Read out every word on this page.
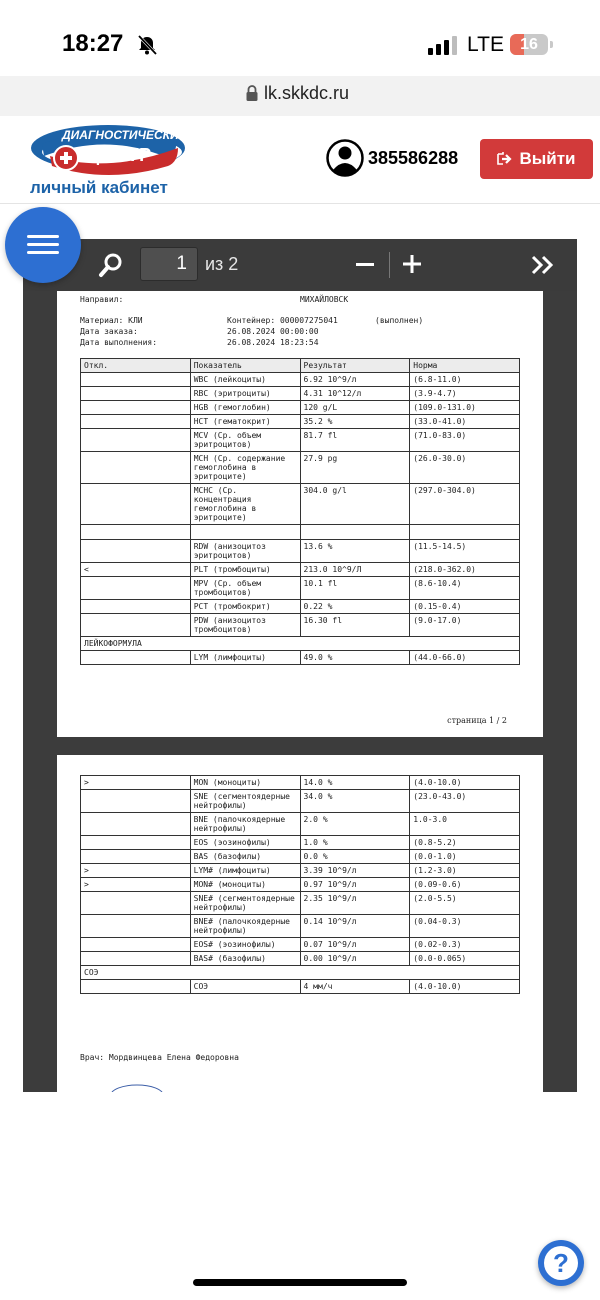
18:27	LTE	16
lk.skkdc.ru
ДИАГНОСТИЧЕСКИЙ
ЦЕНТР
личный кабинет
385586288	Выйти
1	из 2
Направил:	МИХАЙЛОВСК
Материал: КЛИ	Контейнер: 000007275041	(выполнен)
Дата заказа:	26.08.2024 00:00:00
Дата выполнения:	26.08.2024 18:23:54
Откл.	Показатель	Результат	Норма
	WBC (лейкоциты)	6.92 10^9/л	(6.8-11.0)
	RBC (эритроциты)	4.31 10^12/л	(3.9-4.7)
	HGB (гемоглобин)	120 g/L	(109.0-131.0)
	HCT (гематокрит)	35.2 %	(33.0-41.0)
	MCV (Ср. объем эритроцитов)	81.7 fl	(71.0-83.0)
	MCH (Ср. содержание гемоглобина в эритроците)	27.9 pg	(26.0-30.0)
	MCHC (Ср. концентрация гемоглобина в эритроците)	304.0 g/l	(297.0-304.0)

	RDW (анизоцитоз эритроцитов)	13.6 %	(11.5-14.5)
<	PLT (тромбоциты)	213.0 10^9/Л	(218.0-362.0)
	MPV (Ср. объем тромбоцитов)	10.1 fl	(8.6-10.4)
	PCT (тромбокрит)	0.22 %	(0.15-0.4)
	PDW (анизоцитоз тромбоцитов)	16.30 fl	(9.0-17.0)
ЛЕЙКОФОРМУЛА			
	LYM (лимфоциты)	49.0 %	(44.0-66.0)
страница 1 / 2
>	MON (моноциты)	14.0 %	(4.0-10.0)
	SNE (сегментоядерные нейтрофилы)	34.0 %	(23.0-43.0)
	BNE (палочкоядерные нейтрофилы)	2.0 %	1.0-3.0
	EOS (эозинофилы)	1.0 %	(0.8-5.2)
	BAS (базофилы)	0.0 %	(0.0-1.0)
>	LYM# (лимфоциты)	3.39 10^9/л	(1.2-3.0)
>	MON# (моноциты)	0.97 10^9/л	(0.09-0.6)
	SNE# (сегментоядерные нейтрофилы)	2.35 10^9/л	(2.0-5.5)
	BNE# (палочкоядерные нейтрофилы)	0.14 10^9/л	(0.04-0.3)
	EOS# (эозинофилы)	0.07 10^9/л	(0.02-0.3)
	BAS# (базофилы)	0.00 10^9/л	(0.0-0.065)
СОЭ			
	СОЭ	4 мм/ч	(4.0-10.0)
Врач: Мордвинцева Елена Федоровна
?
